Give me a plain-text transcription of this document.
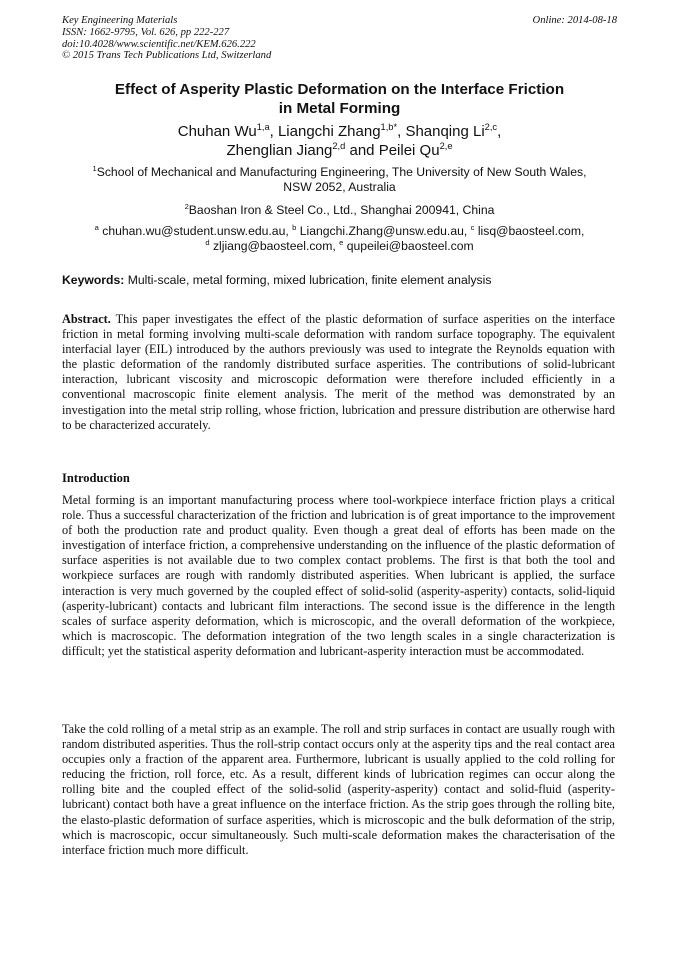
Key Engineering Materials
ISSN: 1662-9795, Vol. 626, pp 222-227
doi:10.4028/www.scientific.net/KEM.626.222
© 2015 Trans Tech Publications Ltd, Switzerland
Online: 2014-08-18
Effect of Asperity Plastic Deformation on the Interface Friction
in Metal Forming
Chuhan Wu$^{1,a}$, Liangchi Zhang$^{1,b*}$, Shanqing Li$^{2,c}$,
Zhenglian Jiang$^{2,d}$ and Peilei Qu$^{2,e}$
$^1$School of Mechanical and Manufacturing Engineering, The University of New South Wales,
NSW 2052, Australia
$^2$Baoshan Iron & Steel Co., Ltd., Shanghai 200941, China
$^a$ chuhan.wu@student.unsw.edu.au, $^b$ Liangchi.Zhang@unsw.edu.au, $^c$ lisq@baosteel.com,
$^d$ zljiang@baosteel.com, $^e$ qupeilei@baosteel.com
Keywords: Multi-scale, metal forming, mixed lubrication, finite element analysis
Abstract. This paper investigates the effect of the plastic deformation of surface asperities on the interface friction in metal forming involving multi-scale deformation with random surface topography. The equivalent interfacial layer (EIL) introduced by the authors previously was used to integrate the Reynolds equation with the plastic deformation of the randomly distributed surface asperities. The contributions of solid-lubricant interaction, lubricant viscosity and microscopic deformation were therefore included efficiently in a conventional macroscopic finite element analysis. The merit of the method was demonstrated by an investigation into the metal strip rolling, whose friction, lubrication and pressure distribution are otherwise hard to be characterized accurately.
Introduction
Metal forming is an important manufacturing process where tool-workpiece interface friction plays a critical role. Thus a successful characterization of the friction and lubrication is of great importance to the improvement of both the production rate and product quality. Even though a great deal of efforts has been made on the investigation of interface friction, a comprehensive understanding on the influence of the plastic deformation of surface asperities is not available due to two complex contact problems. The first is that both the tool and workpiece surfaces are rough with randomly distributed asperities. When lubricant is applied, the surface interaction is very much governed by the coupled effect of solid-solid (asperity-asperity) contacts, solid-liquid (asperity-lubricant) contacts and lubricant film interactions. The second issue is the difference in the length scales of surface asperity deformation, which is microscopic, and the overall deformation of the workpiece, which is macroscopic. The deformation integration of the two length scales in a single characterization is difficult; yet the statistical asperity deformation and lubricant-asperity interaction must be accommodated.
Take the cold rolling of a metal strip as an example. The roll and strip surfaces in contact are usually rough with random distributed asperities. Thus the roll-strip contact occurs only at the asperity tips and the real contact area occupies only a fraction of the apparent area. Furthermore, lubricant is usually applied to the cold rolling for reducing the friction, roll force, etc. As a result, different kinds of lubrication regimes can occur along the rolling bite and the coupled effect of the solid-solid (asperity-asperity) contact and solid-fluid (asperity-lubricant) contact both have a great influence on the interface friction. As the strip goes through the rolling bite, the elasto-plastic deformation of surface asperities, which is microscopic and the bulk deformation of the strip, which is macroscopic, occur simultaneously. Such multi-scale deformation makes the characterisation of the interface friction much more difficult.
